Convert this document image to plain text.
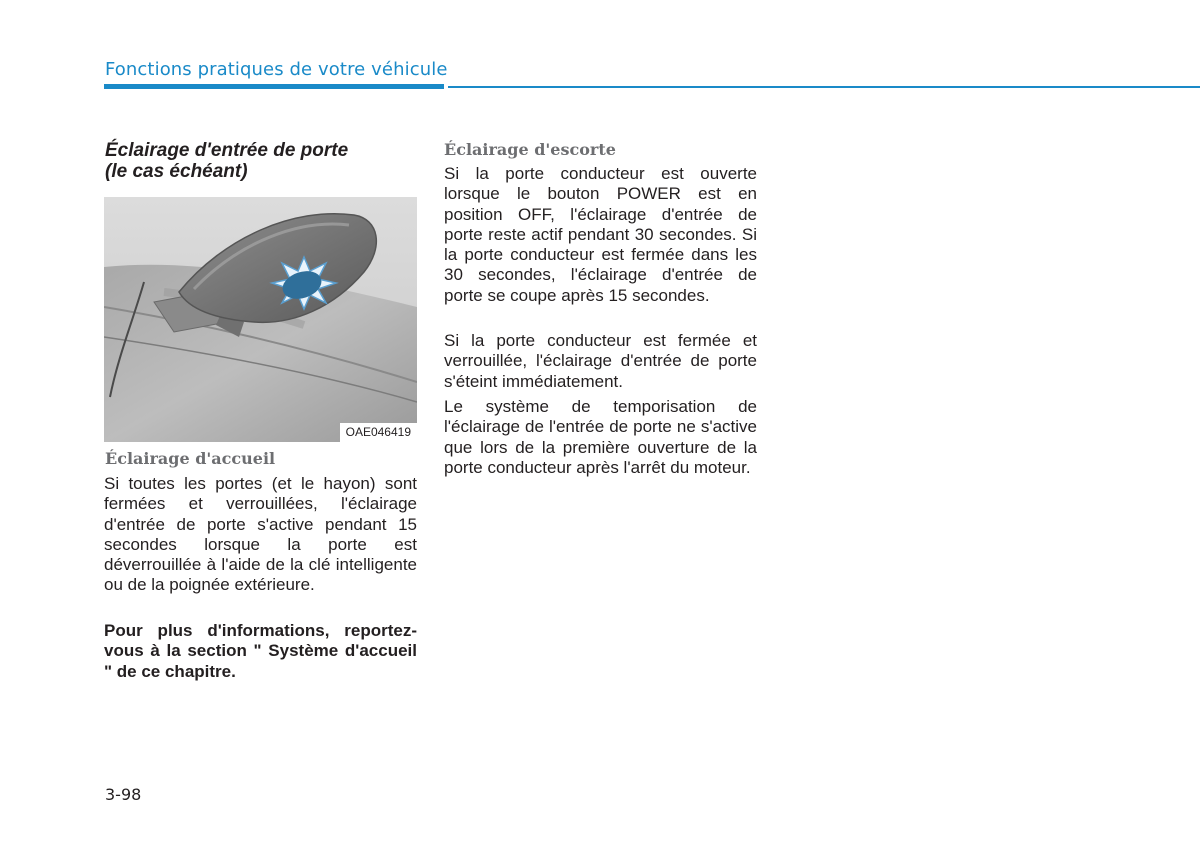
Fonctions pratiques de votre véhicule
Éclairage d'entrée de porte
(le cas échéant)
OAE046419
Éclairage d'accueil

Si toutes les portes (et le hayon) sont fermées et verrouillées, l'éclairage d'entrée de porte s'active pendant 15 secondes lorsque la porte est déverrouillée à l'aide de la clé intelligente ou de la poignée extérieure.

Pour plus d'informations, reportez-vous à la section " Système d'accueil " de ce chapitre.

Éclairage d'escorte

Si la porte conducteur est ouverte lorsque le bouton POWER est en position OFF, l'éclairage d'entrée de porte reste actif pendant 30 secondes. Si la porte conducteur est fermée dans les 30 secondes, l'éclairage d'entrée de porte se coupe après 15 secondes.

Si la porte conducteur est fermée et verrouillée, l'éclairage d'entrée de porte s'éteint immédiatement.

Le système de temporisation de l'éclairage de l'entrée de porte ne s'active que lors de la première ouverture de la porte conducteur après l'arrêt du moteur.

3-98
